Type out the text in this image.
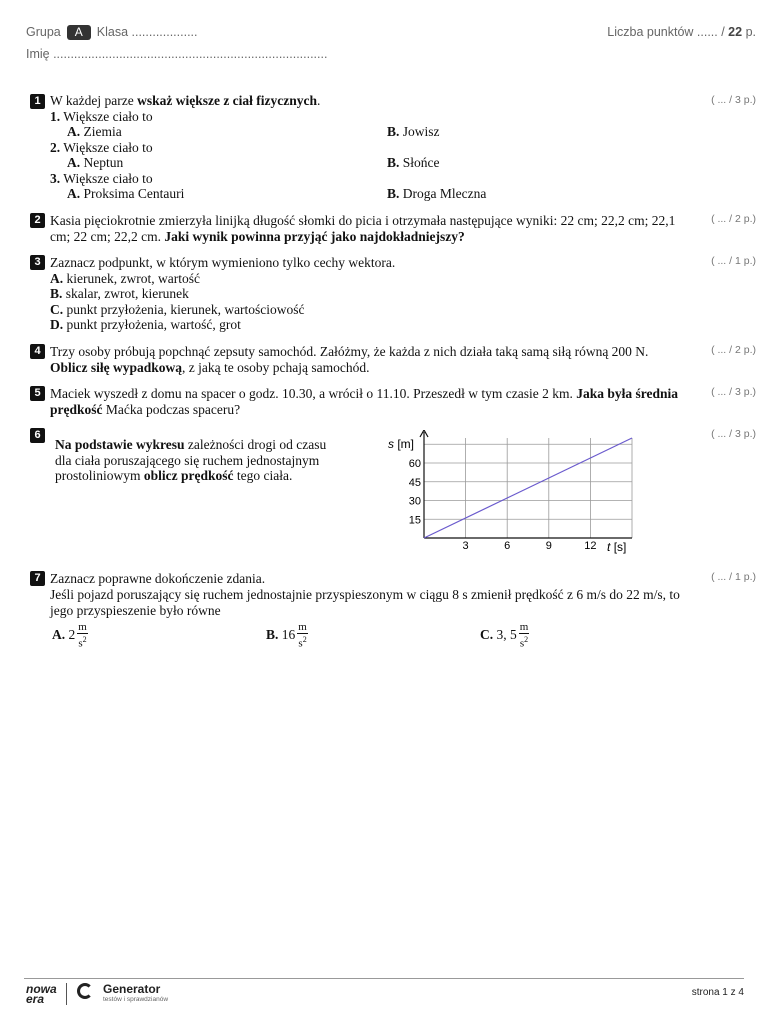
Grupa A Klasa ...................	Liczba punktów ...... / 22 p.
Imię ...............................................................................
1	( ... / 3 p.)
W każdej parze wskaż większe z ciał fizycznych.
1. Większe ciało to
A. Ziemia	B. Jowisz
2. Większe ciało to
A. Neptun	B. Słońce
3. Większe ciało to
A. Proksima Centauri	B. Droga Mleczna
2	( ... / 2 p.)
Kasia pięciokrotnie zmierzyła linijką długość słomki do picia i otrzymała następujące wyniki: 22 cm; 22,2 cm; 22,1 cm; 22 cm; 22,2 cm. Jaki wynik powinna przyjąć jako najdokładniejszy?
3	( ... / 1 p.)
Zaznacz podpunkt, w którym wymieniono tylko cechy wektora.
A. kierunek, zwrot, wartość
B. skalar, zwrot, kierunek
C. punkt przyłożenia, kierunek, wartościowość
D. punkt przyłożenia, wartość, grot
4	( ... / 2 p.)
Trzy osoby próbują popchnąć zepsuty samochód. Załóżmy, że każda z nich działa taką samą siłą równą 200 N. Oblicz siłę wypadkową, z jaką te osoby pchają samochód.
5	( ... / 3 p.)
Maciek wyszedł z domu na spacer o godz. 10.30, a wrócił o 11.10. Przeszedł w tym czasie 2 km. Jaka była średnia prędkość Maćka podczas spaceru?
6	( ... / 3 p.)
Na podstawie wykresu zależności drogi od czasu dla ciała poruszającego się ruchem jednostajnym prostoliniowym oblicz prędkość tego ciała.
15
30
45
60
3	6	9	12
s [m]
t [s]
7	( ... / 1 p.)
Zaznacz poprawne dokończenie zdania.
Jeśli pojazd poruszający się ruchem jednostajnie przyspieszonym w ciągu 8 s zmienił prędkość z 6 m/s do 22 m/s, to jego przyspieszenie było równe
A. $2 \frac{m}{s^2}$	B. $16 \frac{m}{s^2}$	C. 3, $5 \frac{m}{s^2}$
nowa
era
Generator
testów i sprawdzianów
strona 1 z 4
